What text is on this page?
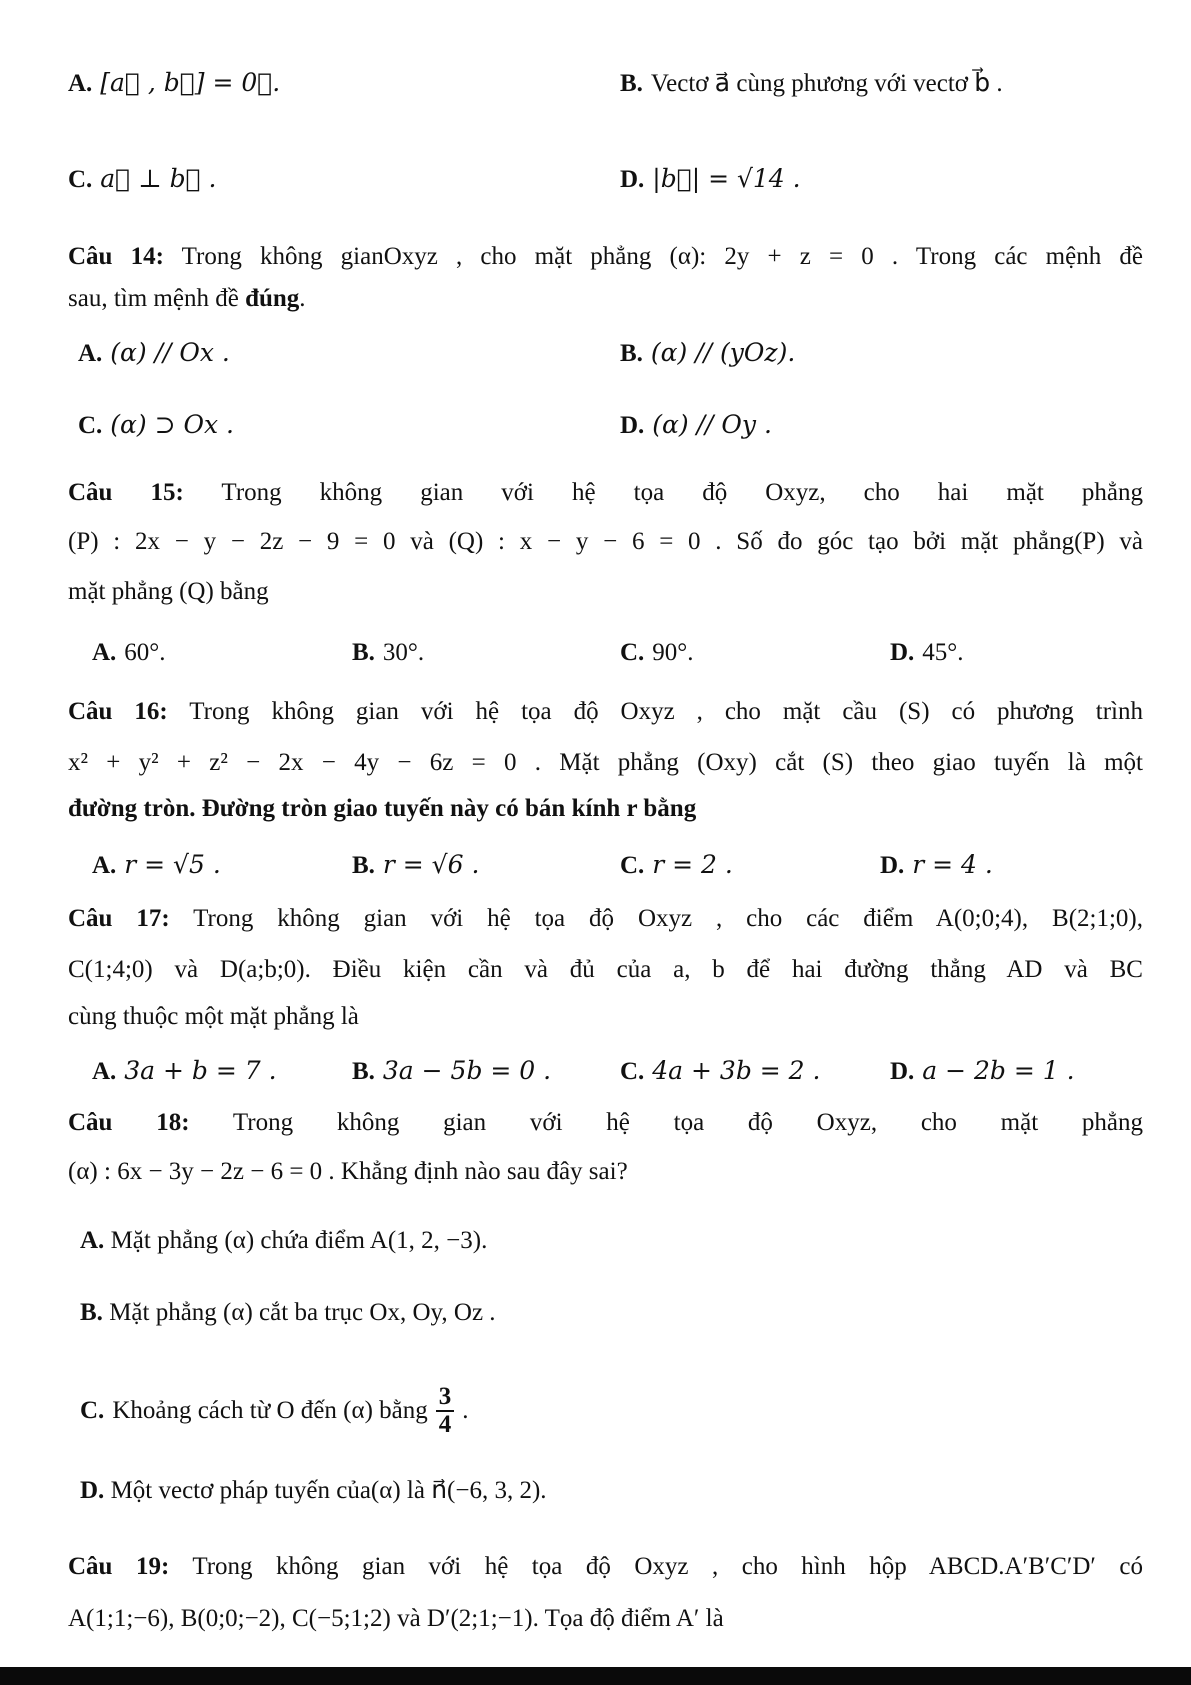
A. [a⃗ , b⃗] = 0⃗.	B. Vectơ a⃗ cùng phương với vectơ b⃗ .
C. a⃗ ⊥ b⃗ .	D. |b⃗| = √14 .
Câu 14: Trong không gianOxyz , cho mặt phẳng (α): 2y + z = 0 . Trong các mệnh đề
sau, tìm mệnh đề đúng.
A. (α) // Ox .	B. (α) // (yOz).
C. (α) ⊃ Ox .	D. (α) // Oy .
Câu 15: Trong không gian với hệ tọa độ Oxyz, cho hai mặt phẳng
(P) : 2x − y − 2z − 9 = 0 và (Q) : x − y − 6 = 0 . Số đo góc tạo bởi mặt phẳng(P) và
mặt phẳng (Q) bằng
A. 60°.	B. 30°.	C. 90°.	D. 45°.
Câu 16: Trong không gian với hệ tọa độ Oxyz , cho mặt cầu (S) có phương trình
x² + y² + z² − 2x − 4y − 6z = 0 . Mặt phẳng (Oxy) cắt (S) theo giao tuyến là một
đường tròn. Đường tròn giao tuyến này có bán kính r bằng
A. r = √5 .	B. r = √6 .	C. r = 2 .	D. r = 4 .
Câu 17: Trong không gian với hệ tọa độ Oxyz , cho các điểm A(0;0;4), B(2;1;0),
C(1;4;0) và D(a;b;0). Điều kiện cần và đủ của a, b để hai đường thẳng AD và BC
cùng thuộc một mặt phẳng là
A. 3a + b = 7 .	B. 3a − 5b = 0 .	C. 4a + 3b = 2 .	D. a − 2b = 1 .
Câu 18: Trong không gian với hệ tọa độ Oxyz, cho mặt phẳng
(α) : 6x − 3y − 2z − 6 = 0 . Khẳng định nào sau đây sai?
A. Mặt phẳng (α) chứa điểm A(1, 2, −3).
B. Mặt phẳng (α) cắt ba trục Ox, Oy, Oz .
C. Khoảng cách từ O đến (α) bằng $\frac{3}{4}$ .
D. Một vectơ pháp tuyến của(α) là n⃗(−6, 3, 2).
Câu 19: Trong không gian với hệ tọa độ Oxyz , cho hình hộp ABCD.A′B′C′D′ có
A(1;1;−6), B(0;0;−2), C(−5;1;2) và D′(2;1;−1). Tọa độ điểm A′ là
